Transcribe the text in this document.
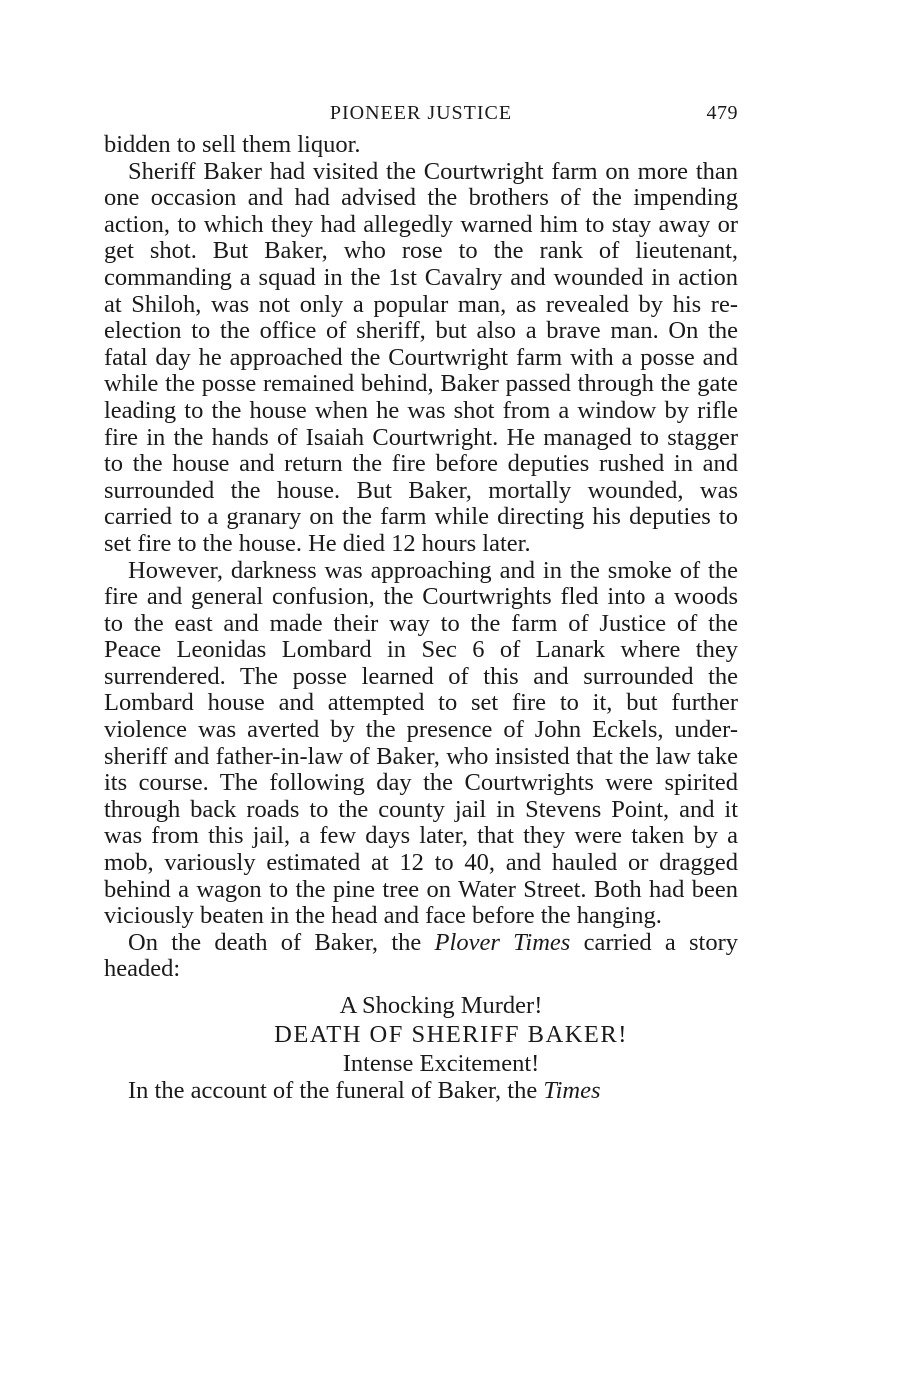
PIONEER JUSTICE	479

bidden to sell them liquor.

Sheriff Baker had visited the Courtwright farm on more than one occasion and had advised the brothers of the impending action, to which they had allegedly warned him to stay away or get shot. But Baker, who rose to the rank of lieutenant, commanding a squad in the 1st Cavalry and wounded in action at Shiloh, was not only a popular man, as revealed by his re-election to the office of sheriff, but also a brave man. On the fatal day he approached the Courtwright farm with a posse and while the posse remained behind, Baker passed through the gate leading to the house when he was shot from a window by rifle fire in the hands of Isaiah Courtwright. He managed to stagger to the house and return the fire before deputies rushed in and surrounded the house. But Baker, mortally wounded, was carried to a granary on the farm while directing his deputies to set fire to the house. He died 12 hours later.

However, darkness was approaching and in the smoke of the fire and general confusion, the Courtwrights fled into a woods to the east and made their way to the farm of Justice of the Peace Leonidas Lombard in Sec 6 of Lanark where they surrendered. The posse learned of this and surrounded the Lombard house and attempted to set fire to it, but further violence was averted by the presence of John Eckels, under-sheriff and father-in-law of Baker, who insisted that the law take its course. The following day the Courtwrights were spirited through back roads to the county jail in Stevens Point, and it was from this jail, a few days later, that they were taken by a mob, variously estimated at 12 to 40, and hauled or dragged behind a wagon to the pine tree on Water Street. Both had been viciously beaten in the head and face before the hanging.

On the death of Baker, the Plover Times carried a story headed:

A Shocking Murder!

DEATH OF SHERIFF BAKER!

Intense Excitement!

In the account of the funeral of Baker, the Times
